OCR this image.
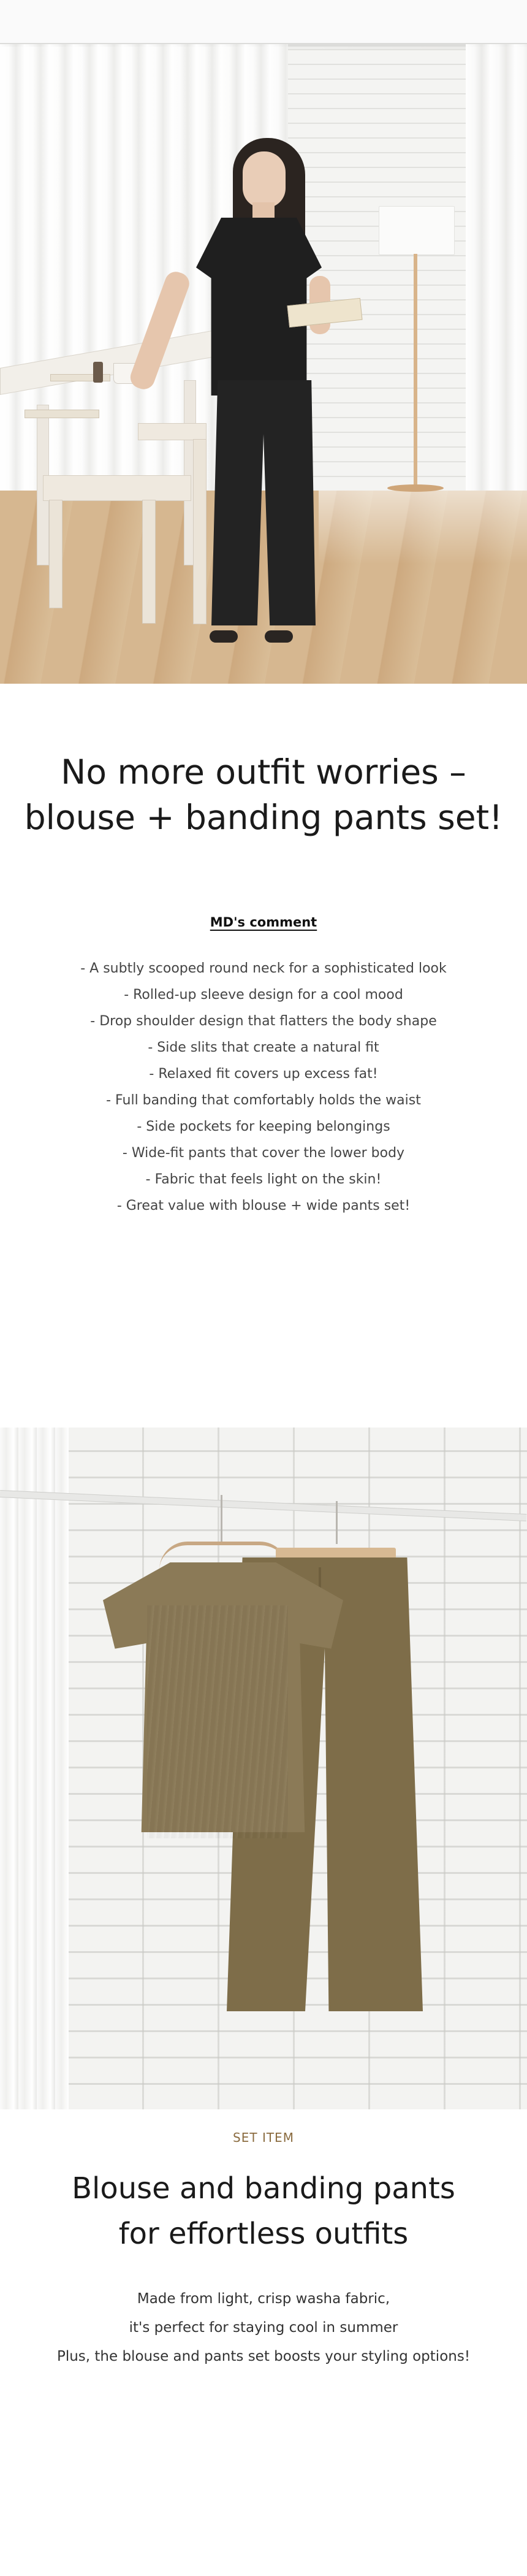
No more outfit worries –
blouse + banding pants set!
MD's comment
- A subtly scooped round neck for a sophisticated look
- Rolled-up sleeve design for a cool mood
- Drop shoulder design that flatters the body shape
- Side slits that create a natural fit
- Relaxed fit covers up excess fat!
- Full banding that comfortably holds the waist
- Side pockets for keeping belongings
- Wide-fit pants that cover the lower body
- Fabric that feels light on the skin!
- Great value with blouse + wide pants set!
SET ITEM
Blouse and banding pants
for effortless outfits
Made from light, crisp washa fabric,
it's perfect for staying cool in summer
Plus, the blouse and pants set boosts your styling options!
